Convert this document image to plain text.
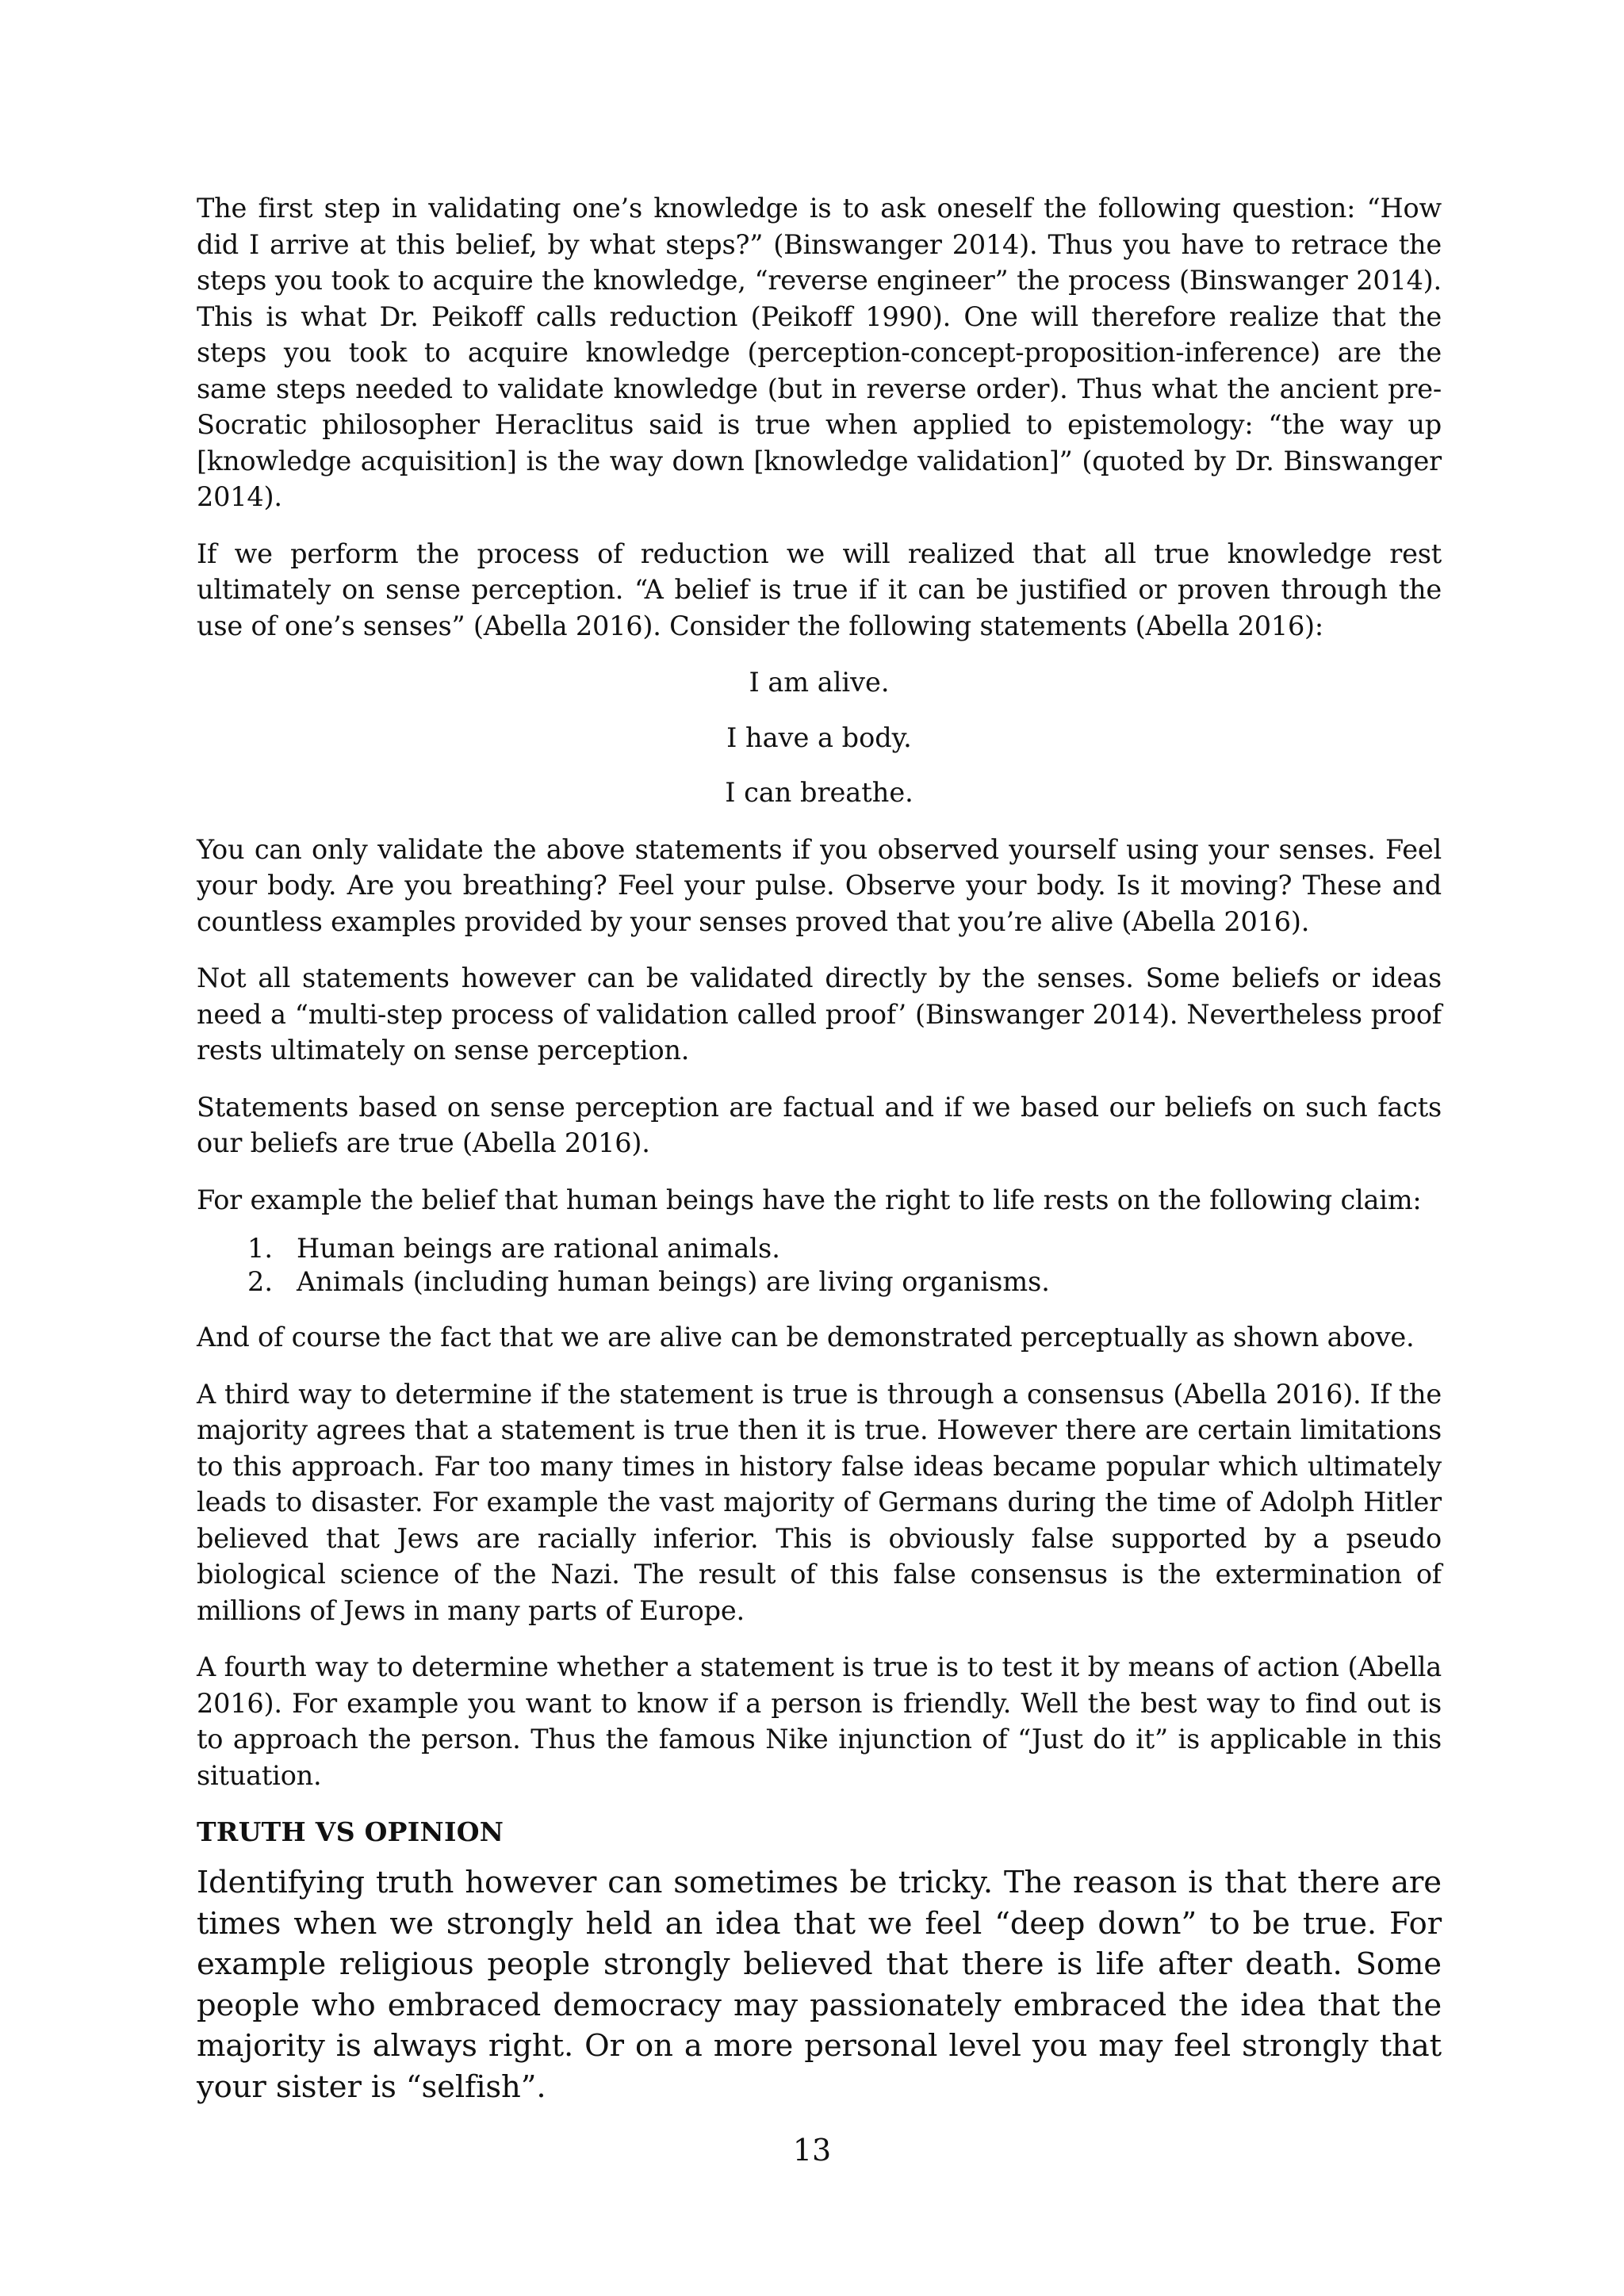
The first step in validating one’s knowledge is to ask oneself the following question: “How did I arrive at this belief, by what steps?” (Binswanger 2014). Thus you have to retrace the steps you took to acquire the knowledge, “reverse engineer” the process (Binswanger 2014). This is what Dr. Peikoff calls reduction (Peikoff 1990). One will therefore realize that the steps you took to acquire knowledge (perception-concept-proposition-inference) are the same steps needed to validate knowledge (but in reverse order). Thus what the ancient pre-Socratic philosopher Heraclitus said is true when applied to epistemology: “the way up [knowledge acquisition] is the way down [knowledge validation]” (quoted by Dr. Binswanger 2014).

If we perform the process of reduction we will realized that all true knowledge rest ultimately on sense perception. “A belief is true if it can be justified or proven through the use of one’s senses” (Abella 2016). Consider the following statements (Abella 2016):

I am alive.

I have a body.

I can breathe.

You can only validate the above statements if you observed yourself using your senses. Feel your body. Are you breathing? Feel your pulse. Observe your body. Is it moving? These and countless examples provided by your senses proved that you’re alive (Abella 2016).

Not all statements however can be validated directly by the senses. Some beliefs or ideas need a “multi-step process of validation called proof’ (Binswanger 2014). Nevertheless proof rests ultimately on sense perception.

Statements based on sense perception are factual and if we based our beliefs on such facts our beliefs are true (Abella 2016).

For example the belief that human beings have the right to life rests on the following claim:

1. Human beings are rational animals.
2. Animals (including human beings) are living organisms.

And of course the fact that we are alive can be demonstrated perceptually as shown above.

A third way to determine if the statement is true is through a consensus (Abella 2016). If the majority agrees that a statement is true then it is true. However there are certain limitations to this approach. Far too many times in history false ideas became popular which ultimately leads to disaster. For example the vast majority of Germans during the time of Adolph Hitler believed that Jews are racially inferior. This is obviously false supported by a pseudo biological science of the Nazi. The result of this false consensus is the extermination of millions of Jews in many parts of Europe.

A fourth way to determine whether a statement is true is to test it by means of action (Abella 2016). For example you want to know if a person is friendly. Well the best way to find out is to approach the person. Thus the famous Nike injunction of “Just do it” is applicable in this situation.

TRUTH VS OPINION

Identifying truth however can sometimes be tricky. The reason is that there are times when we strongly held an idea that we feel “deep down” to be true. For example religious people strongly believed that there is life after death. Some people who embraced democracy may passionately embraced the idea that the majority is always right. Or on a more personal level you may feel strongly that your sister is “selfish”.

13
